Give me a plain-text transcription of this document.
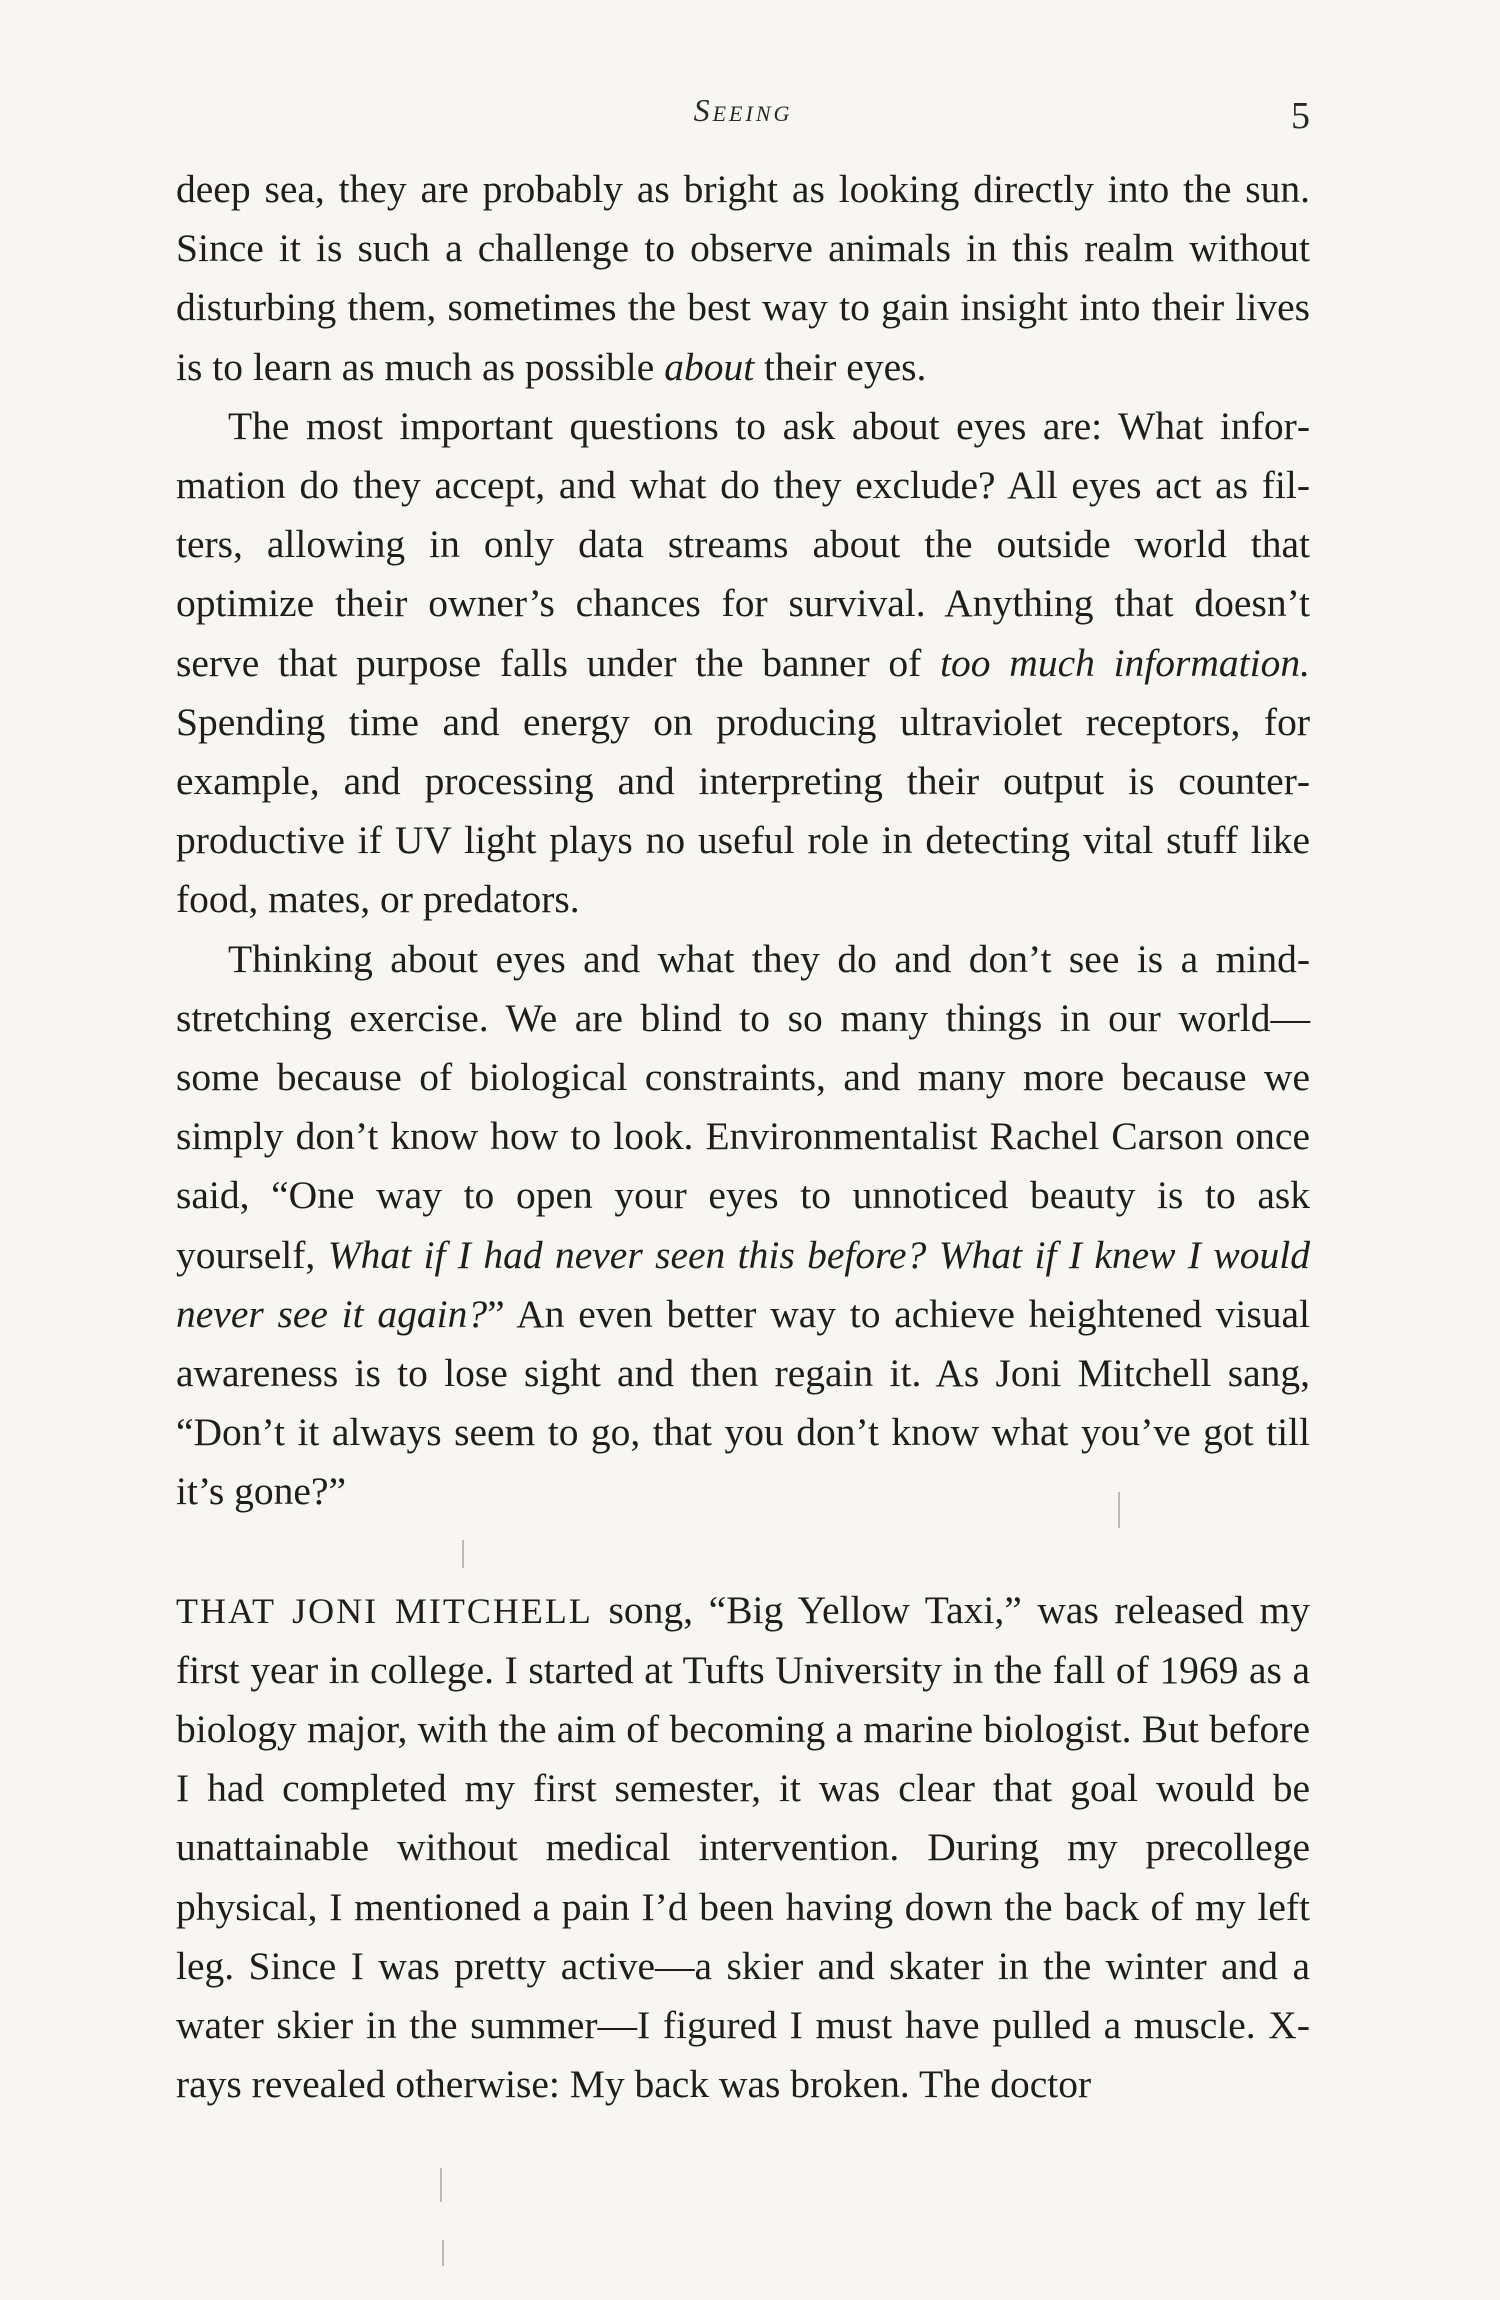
Seeing	5

deep sea, they are probably as bright as looking directly into the sun. Since it is such a challenge to observe animals in this realm without disturbing them, sometimes the best way to gain insight into their lives is to learn as much as possible about their eyes.

The most important questions to ask about eyes are: What information do they accept, and what do they exclude? All eyes act as filters, allowing in only data streams about the outside world that optimize their owner’s chances for survival. Anything that doesn’t serve that purpose falls under the banner of too much information. Spending time and energy on producing ultraviolet receptors, for example, and processing and interpreting their output is counterproductive if UV light plays no useful role in detecting vital stuff like food, mates, or predators.

Thinking about eyes and what they do and don’t see is a mindstretching exercise. We are blind to so many things in our world— some because of biological constraints, and many more because we simply don’t know how to look. Environmentalist Rachel Carson once said, “One way to open your eyes to unnoticed beauty is to ask yourself, What if I had never seen this before? What if I knew I would never see it again?” An even better way to achieve heightened visual awareness is to lose sight and then regain it. As Joni Mitchell sang, “Don’t it always seem to go, that you don’t know what you’ve got till it’s gone?”

THAT JONI MITCHELL song, “Big Yellow Taxi,” was released my first year in college. I started at Tufts University in the fall of 1969 as a biology major, with the aim of becoming a marine biologist. But before I had completed my first semester, it was clear that goal would be unattainable without medical intervention. During my precollege physical, I mentioned a pain I’d been having down the back of my left leg. Since I was pretty active—a skier and skater in the winter and a water skier in the summer—I figured I must have pulled a muscle. X-rays revealed otherwise: My back was broken. The doctor
